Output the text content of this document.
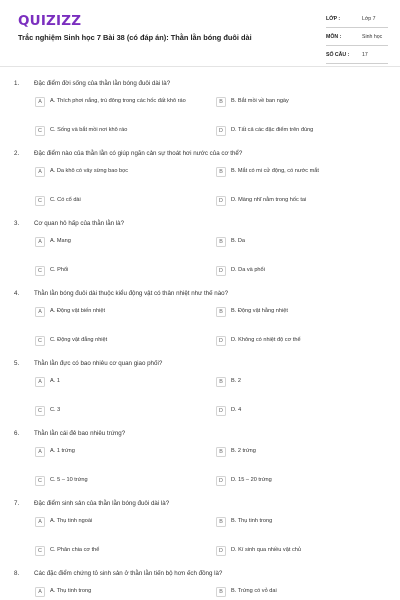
QUIZIZZ
Trắc nghiệm Sinh học 7 Bài 38 (có đáp án): Thằn lằn bóng đuôi dài
LỚP :	Lớp 7
MÔN :	Sinh học
SỐ CÂU : 17
1. Đặc điểm đời sống của thằn lằn bóng đuôi dài là?
A	A. Thích phơi nắng, trú đông trong các hốc đất khô ráo	B	B. Bắt mồi về ban ngày
C	C. Sống và bắt mồi nơi khô ráo	D	D. Tất cả các đặc điểm trên đúng
2. Đặc điểm nào của thằn lằn có giúp ngăn cản sự thoát hơi nước của cơ thể?
A	A. Da khô có vảy sừng bao bọc	B	B. Mắt có mi cử động, có nước mắt
C	C. Có cổ dài	D	D. Màng nhĩ nằm trong hốc tai
3. Cơ quan hô hấp của thằn lằn là?
A	A. Mang	B	B. Da
C	C. Phổi	D	D. Da và phổi
4. Thằn lằn bóng đuôi dài thuộc kiểu động vật có thân nhiệt như thế nào?
A	A. Động vật biến nhiệt	B	B. Động vật hằng nhiệt
C	C. Động vật đẳng nhiệt	D	D. Không có nhiệt độ cơ thể
5. Thằn lằn đực có bao nhiêu cơ quan giao phối?
A	A. 1	B	B. 2
C	C. 3	D	D. 4
6. Thằn lằn cái đẻ bao nhiêu trứng?
A	A. 1 trứng	B	B. 2 trứng
C	C. 5 – 10 trứng	D	D. 15 – 20 trứng
7. Đặc điểm sinh sản của thằn lằn bóng đuôi dài là?
A	A. Thụ tinh ngoài	B	B. Thụ tinh trong
C	C. Phân chia cơ thể	D	D. Kí sinh qua nhiều vật chủ
8. Các đặc điểm chứng tỏ sinh sản ở thằn lằn tiến bộ hơn ếch đồng là?
A	A. Thụ tinh trong	B	B. Trứng có vỏ dai
